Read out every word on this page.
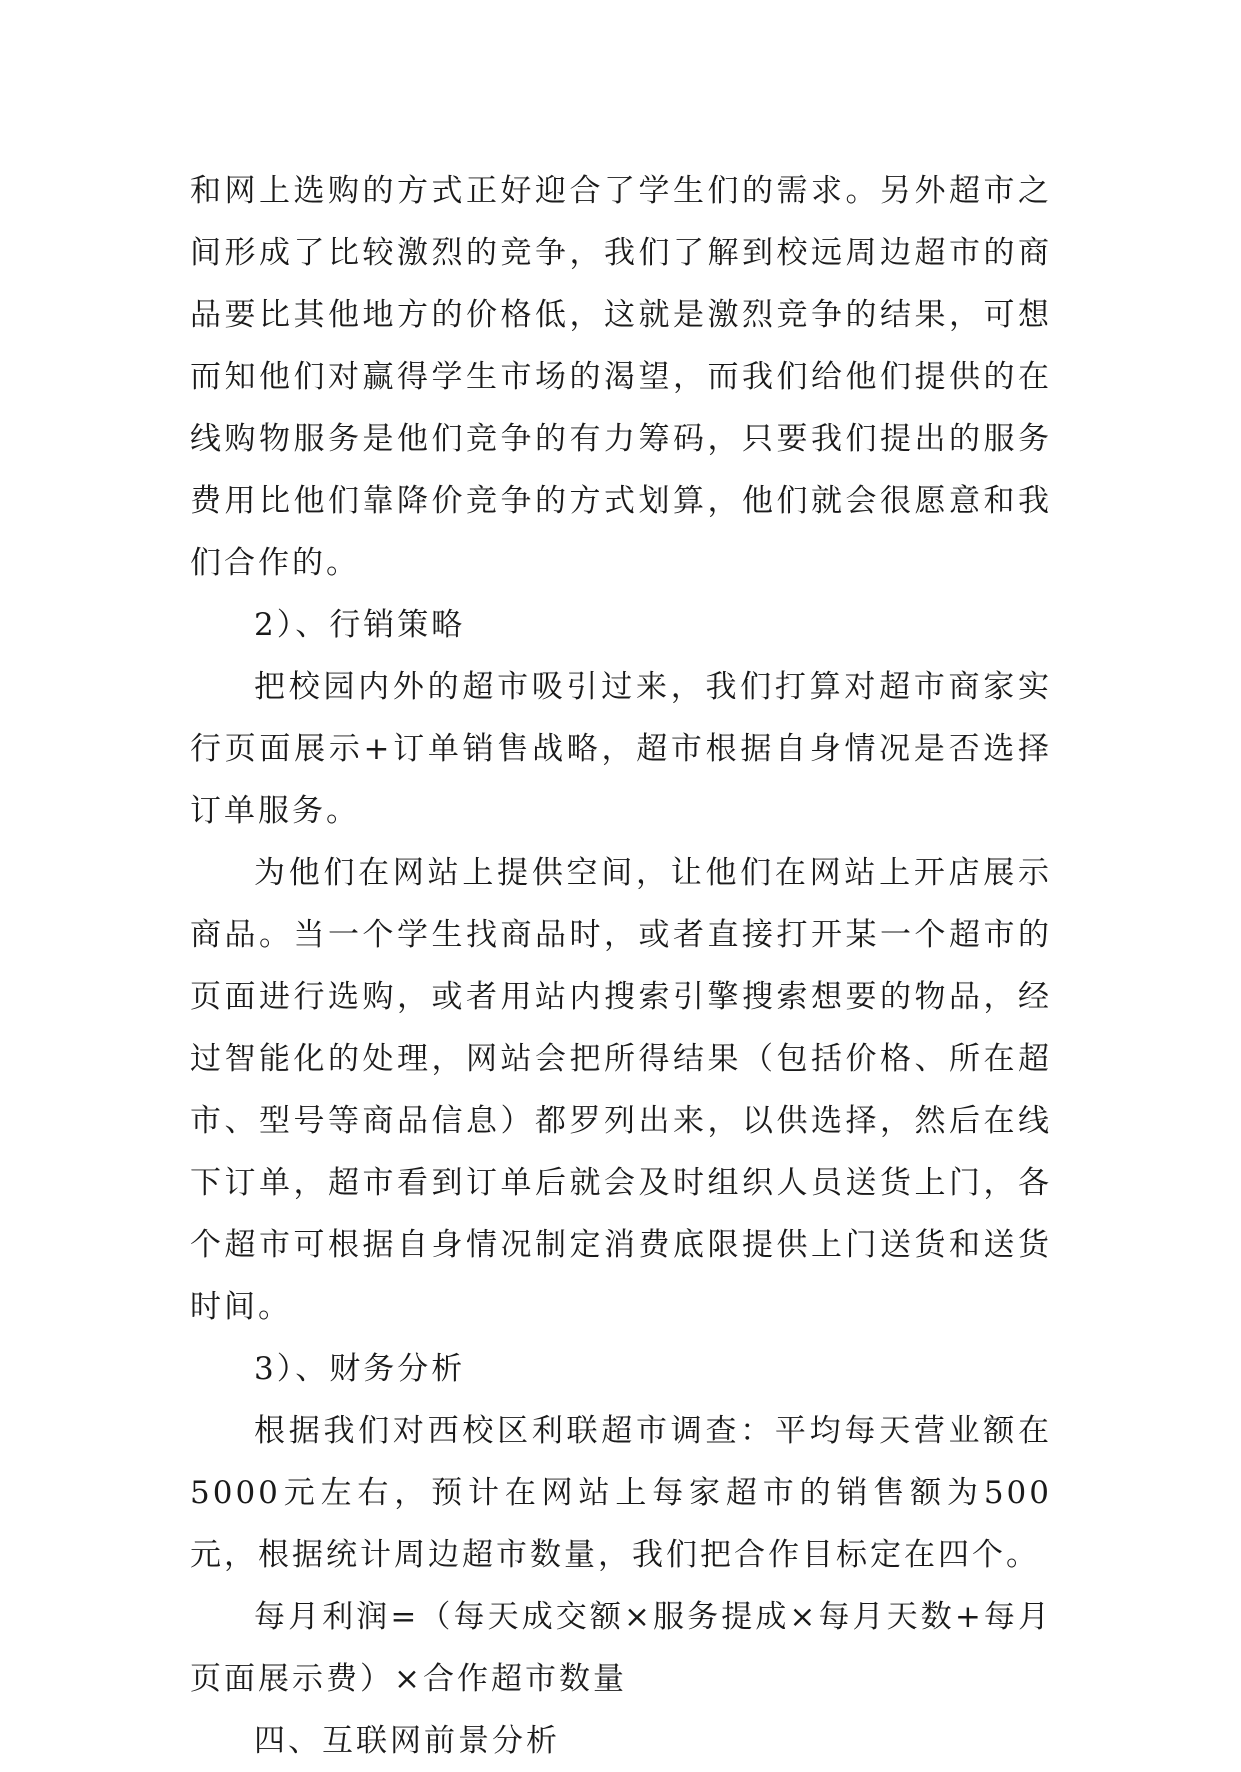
和网上选购的方式正好迎合了学生们的需求。另外超市之间形成了比较激烈的竞争，我们了解到校远周边超市的商品要比其他地方的价格低，这就是激烈竞争的结果，可想而知他们对赢得学生市场的渴望，而我们给他们提供的在线购物服务是他们竞争的有力筹码，只要我们提出的服务费用比他们靠降价竞争的方式划算，他们就会很愿意和我们合作的。

2）、行销策略

把校园内外的超市吸引过来，我们打算对超市商家实行页面展示+订单销售战略，超市根据自身情况是否选择订单服务。

为他们在网站上提供空间，让他们在网站上开店展示商品。当一个学生找商品时，或者直接打开某一个超市的页面进行选购，或者用站内搜索引擎搜索想要的物品，经过智能化的处理，网站会把所得结果（包括价格、所在超市、型号等商品信息）都罗列出来，以供选择，然后在线下订单，超市看到订单后就会及时组织人员送货上门，各个超市可根据自身情况制定消费底限提供上门送货和送货时间。

3）、财务分析

根据我们对西校区利联超市调查：平均每天营业额在5000元左右，预计在网站上每家超市的销售额为500元，根据统计周边超市数量，我们把合作目标定在四个。

每月利润=（每天成交额×服务提成×每月天数+每月页面展示费）×合作超市数量

四、互联网前景分析
